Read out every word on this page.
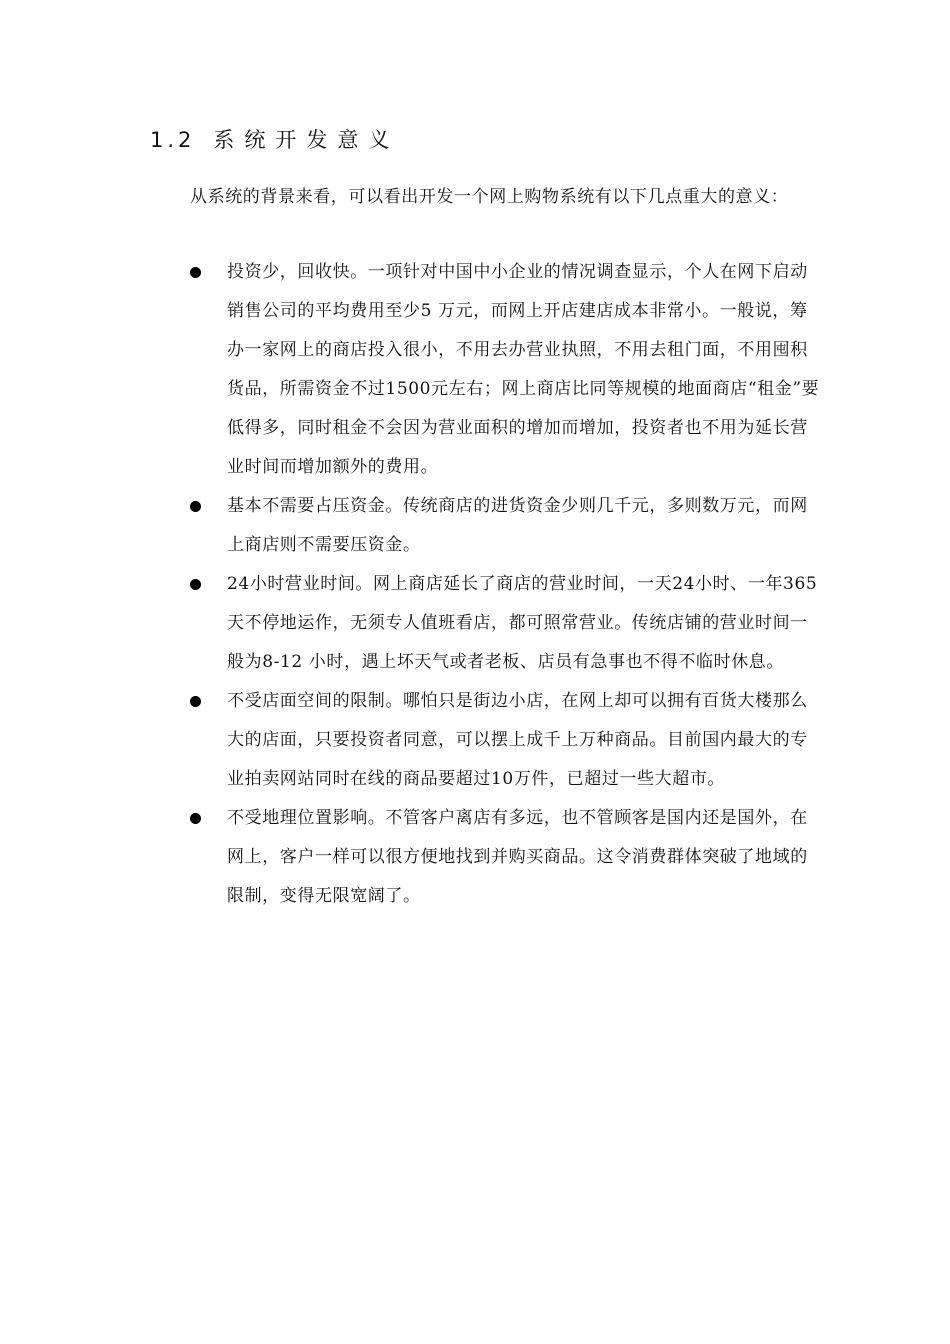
1.2 系统开发意义

从系统的背景来看，可以看出开发一个网上购物系统有以下几点重大的意义：

投资少，回收快。一项针对中国中小企业的情况调查显示，个人在网下启动销售公司的平均费用至少5 万元，而网上开店建店成本非常小。一般说，筹办一家网上的商店投入很小，不用去办营业执照，不用去租门面，不用囤积货品，所需资金不过1500元左右；网上商店比同等规模的地面商店“租金”要低得多，同时租金不会因为营业面积的增加而增加，投资者也不用为延长营业时间而增加额外的费用。
基本不需要占压资金。传统商店的进货资金少则几千元，多则数万元，而网上商店则不需要压资金。
24小时营业时间。网上商店延长了商店的营业时间，一天24小时、一年365 天不停地运作，无须专人值班看店，都可照常营业。传统店铺的营业时间一般为8-12 小时，遇上坏天气或者老板、店员有急事也不得不临时休息。
不受店面空间的限制。哪怕只是街边小店，在网上却可以拥有百货大楼那么大的店面，只要投资者同意，可以摆上成千上万种商品。目前国内最大的专业拍卖网站同时在线的商品要超过10万件，已超过一些大超市。
不受地理位置影响。不管客户离店有多远，也不管顾客是国内还是国外，在网上，客户一样可以很方便地找到并购买商品。这令消费群体突破了地域的限制，变得无限宽阔了。
